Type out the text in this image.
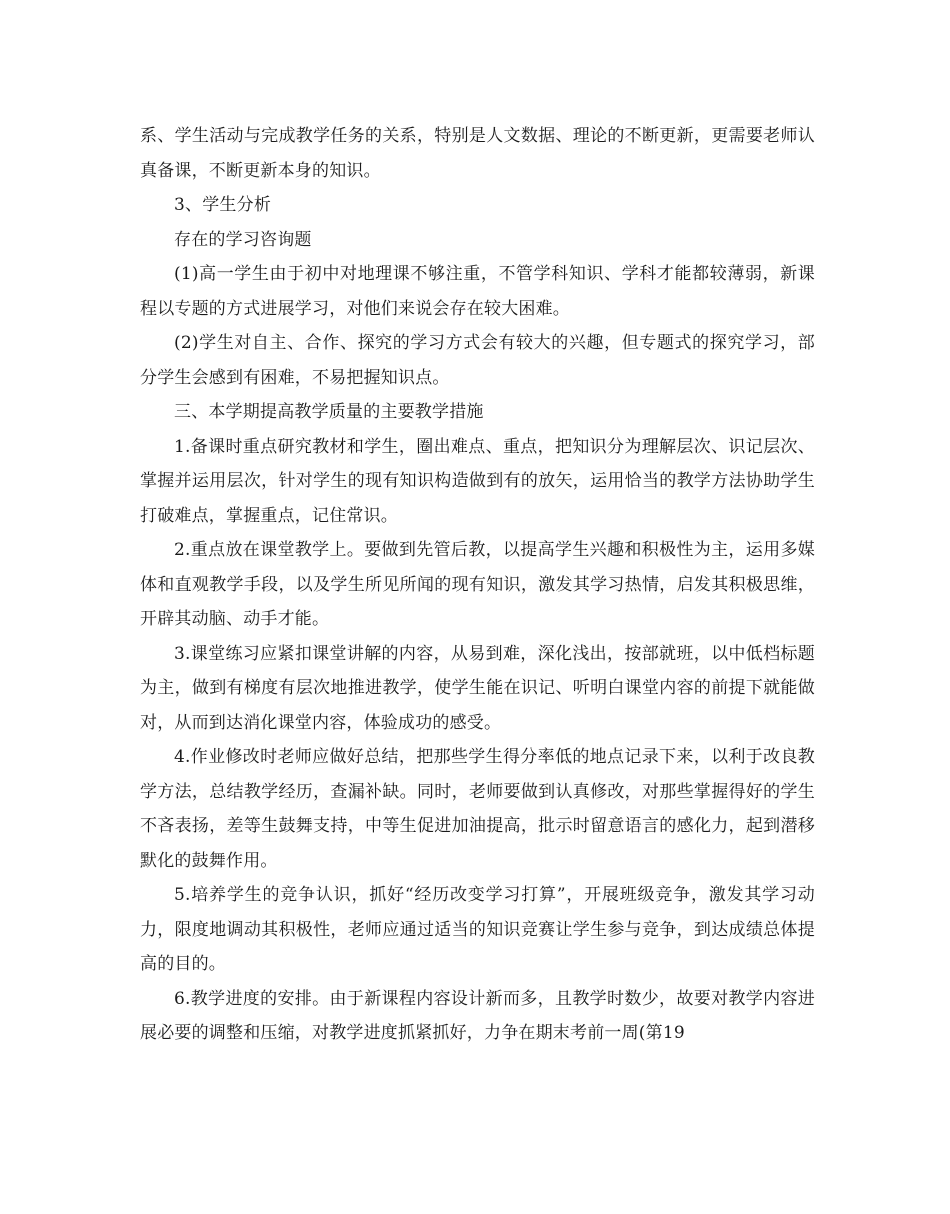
系、学生活动与完成教学任务的关系，特别是人文数据、理论的不断更新，更需要老师认真备课，不断更新本身的知识。

3、学生分析

存在的学习咨询题

(1)高一学生由于初中对地理课不够注重，不管学科知识、学科才能都较薄弱，新课程以专题的方式进展学习，对他们来说会存在较大困难。

(2)学生对自主、合作、探究的学习方式会有较大的兴趣，但专题式的探究学习，部分学生会感到有困难，不易把握知识点。

三、本学期提高教学质量的主要教学措施

1.备课时重点研究教材和学生，圈出难点、重点，把知识分为理解层次、识记层次、掌握并运用层次，针对学生的现有知识构造做到有的放矢，运用恰当的教学方法协助学生打破难点，掌握重点，记住常识。

2.重点放在课堂教学上。要做到先管后教，以提高学生兴趣和积极性为主，运用多媒体和直观教学手段，以及学生所见所闻的现有知识，激发其学习热情，启发其积极思维，开辟其动脑、动手才能。

3.课堂练习应紧扣课堂讲解的内容，从易到难，深化浅出，按部就班，以中低档标题为主，做到有梯度有层次地推进教学，使学生能在识记、听明白课堂内容的前提下就能做对，从而到达消化课堂内容，体验成功的感受。

4.作业修改时老师应做好总结，把那些学生得分率低的地点记录下来，以利于改良教学方法，总结教学经历，查漏补缺。同时，老师要做到认真修改，对那些掌握得好的学生不吝表扬，差等生鼓舞支持，中等生促进加油提高，批示时留意语言的感化力，起到潜移默化的鼓舞作用。

5.培养学生的竞争认识，抓好“经历改变学习打算”，开展班级竞争，激发其学习动力，限度地调动其积极性，老师应通过适当的知识竞赛让学生参与竞争，到达成绩总体提高的目的。

6.教学进度的安排。由于新课程内容设计新而多，且教学时数少，故要对教学内容进展必要的调整和压缩，对教学进度抓紧抓好，力争在期末考前一周(第19
